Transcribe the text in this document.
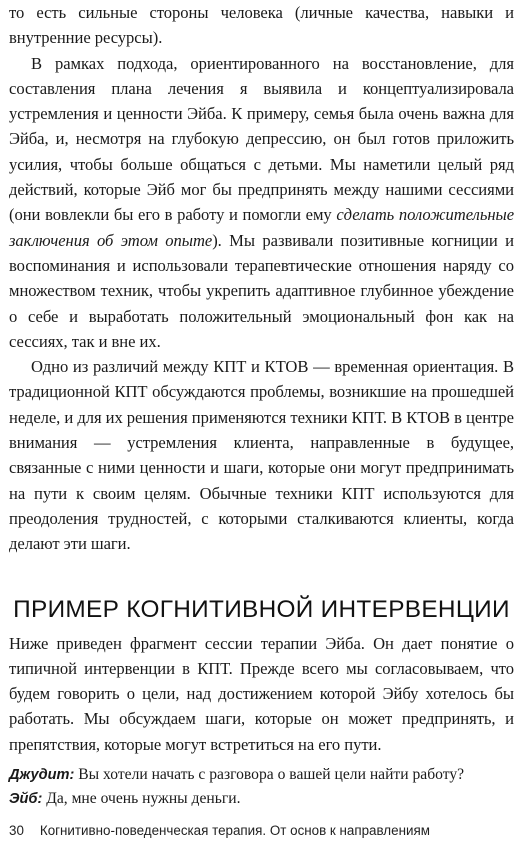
то есть сильные стороны человека (личные качества, навыки и внутренние ресурсы).

В рамках подхода, ориентированного на восстановление, для составления плана лечения я выявила и концептуализировала устремления и ценности Эйба. К примеру, семья была очень важна для Эйба, и, несмотря на глубокую депрессию, он был готов приложить усилия, чтобы больше общаться с детьми. Мы наметили целый ряд действий, которые Эйб мог бы предпринять между нашими сессиями (они вовлекли бы его в работу и помогли ему сделать положительные заключения об этом опыте). Мы развивали позитивные когниции и воспоминания и использовали терапевтические отношения наряду со множеством техник, чтобы укрепить адаптивное глубинное убеждение о себе и выработать положительный эмоциональный фон как на сессиях, так и вне их.

Одно из различий между КПТ и КТОВ — временная ориентация. В традиционной КПТ обсуждаются проблемы, возникшие на прошедшей неделе, и для их решения применяются техники КПТ. В КТОВ в центре внимания — устремления клиента, направленные в будущее, связанные с ними ценности и шаги, которые они могут предпринимать на пути к своим целям. Обычные техники КПТ используются для преодоления трудностей, с которыми сталкиваются клиенты, когда делают эти шаги.

ПРИМЕР КОГНИТИВНОЙ ИНТЕРВЕНЦИИ

Ниже приведен фрагмент сессии терапии Эйба. Он дает понятие о типичной интервенции в КПТ. Прежде всего мы согласовываем, что будем говорить о цели, над достижением которой Эйбу хотелось бы работать. Мы обсуждаем шаги, которые он может предпринять, и препятствия, которые могут встретиться на его пути.

Джудит: Вы хотели начать с разговора о вашей цели найти работу?
Эйб: Да, мне очень нужны деньги.
30 Когнитивно-поведенческая терапия. От основ к направлениям
